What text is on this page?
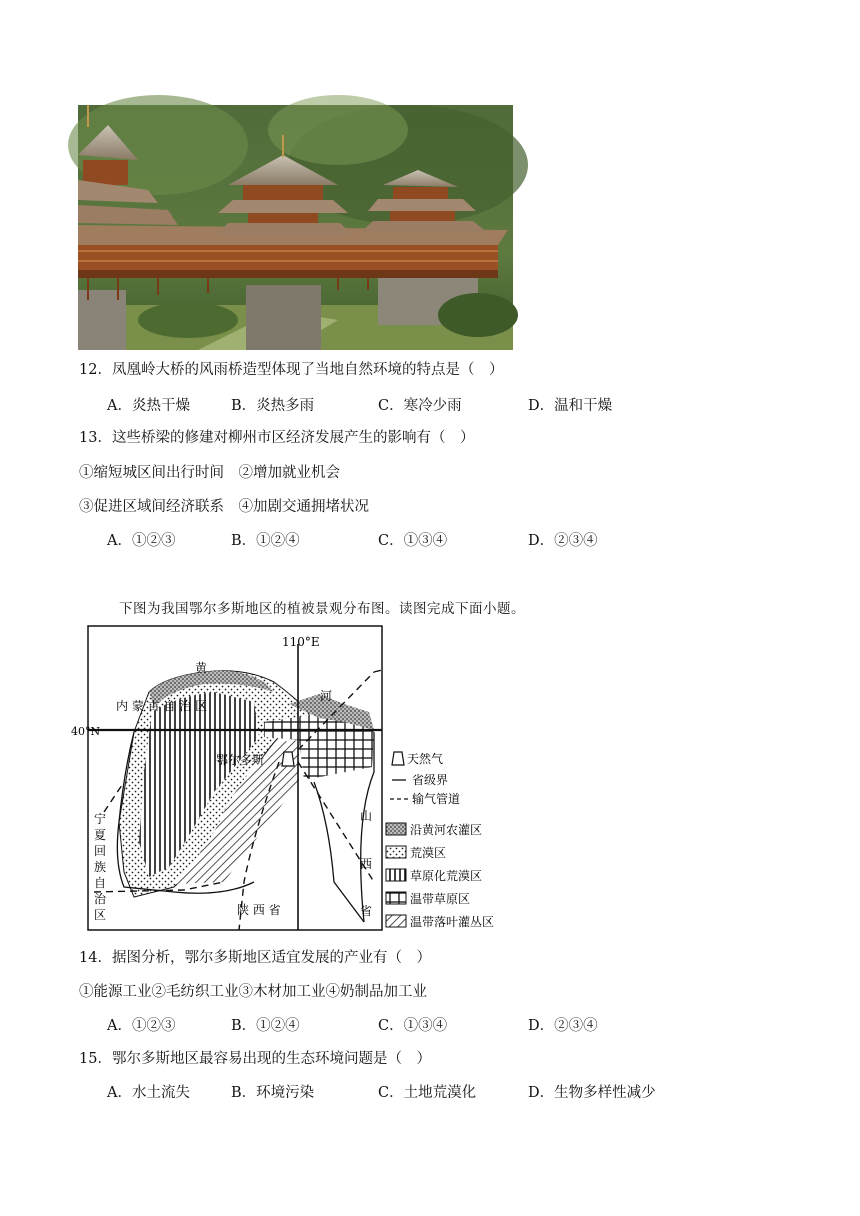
12．凤凰岭大桥的风雨桥造型体现了当地自然环境的特点是（　）
A．炎热干燥	B．炎热多雨	C．寒冷少雨	D．温和干燥
13．这些桥梁的修建对柳州市区经济发展产生的影响有（　）
①缩短城区间出行时间　②增加就业机会
③促进区域间经济联系　④加剧交通拥堵状况
A．①②③	B．①②④	C．①③④	D．②③④
下图为我国鄂尔多斯地区的植被景观分布图。读图完成下面小题。
110°E
40°N
黄
河
内 蒙 古 自 治 区
鄂尔多斯
宁
夏
回
族
自
治
区	陕 西 省
山
西
省
天然气
省级界
输气管道
沿黄河农灌区
荒漠区
草原化荒漠区
温带草原区
温带落叶灌丛区
14．据图分析，鄂尔多斯地区适宜发展的产业有（　）
①能源工业②毛纺织工业③木材加工业④奶制品加工业
A．①②③	B．①②④	C．①③④	D．②③④
15．鄂尔多斯地区最容易出现的生态环境问题是（　）
A．水土流失	B．环境污染	C．土地荒漠化	D．生物多样性减少
